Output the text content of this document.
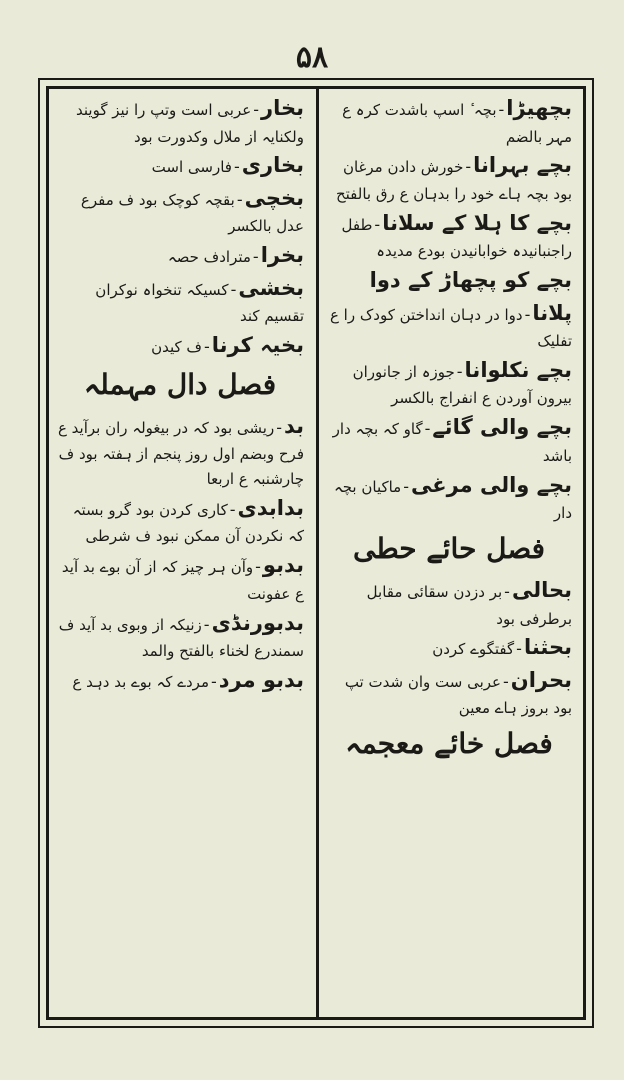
۵۸
بچھیڑا-بچہ ٔ اسپ باشدت کرہ ع مہر بالضم
بچے بہرانا-خورش دادن مرغان بود بچہ ہاے خود را بدہان ع رق بالفتح
بچے کا ہلا کے سلانا-طفل راجنبانیدہ خوابانیدن بودع مدیدہ
بچے کو پچھاڑ کے دوا پلانا-دوا در دہان انداختن کودک را ع تفلیک
بچے نکلوانا-جوزہ از جانوران بیرون آوردن ع انفراج بالکسر
بچے والی گائے-گاو کہ بچہ دار باشد
بچے والی مرغی-ماکیان بچہ دار
فصل حائے حطی
بحالی-بر دزدن سقائی مقابل برطرفی بود
بحثنا-گفتگوے کردن
بحران-عربی ست وان شدت تپ بود بروز ہاے معین
فصل خائے معجمہ
بخار-عربی است وتپ را نیز گویند ولکنایہ از ملال وکدورت بود
بخاری-فارسی است
بخچی-بقچہ کوچک بود ف مفرع عدل بالکسر
بخرا-مترادف حصہ
بخشی-کسیکہ تنخواہ نوکران تقسیم کند
بخیہ کرنا-ف کیدن
فصل دال مہملہ
بد-ریشی بود کہ در بیغولہ ران برآید ع فرح وبضم اول روز پنجم از ہفتہ بود ف چارشنبہ ع اربعا
بدابدی-کاری کردن بود گرو بستہ کہ نکردن آن ممکن نبود ف شرطی
بدبو-وآن ہر چیز کہ از آن بوے بد آید ع عفونت
بدبورنڈی-زنیکہ از وبوی بد آید ف سمندرع لخناء بالفتح والمد
بدبو مرد-مردے کہ بوے بد دہد ع
